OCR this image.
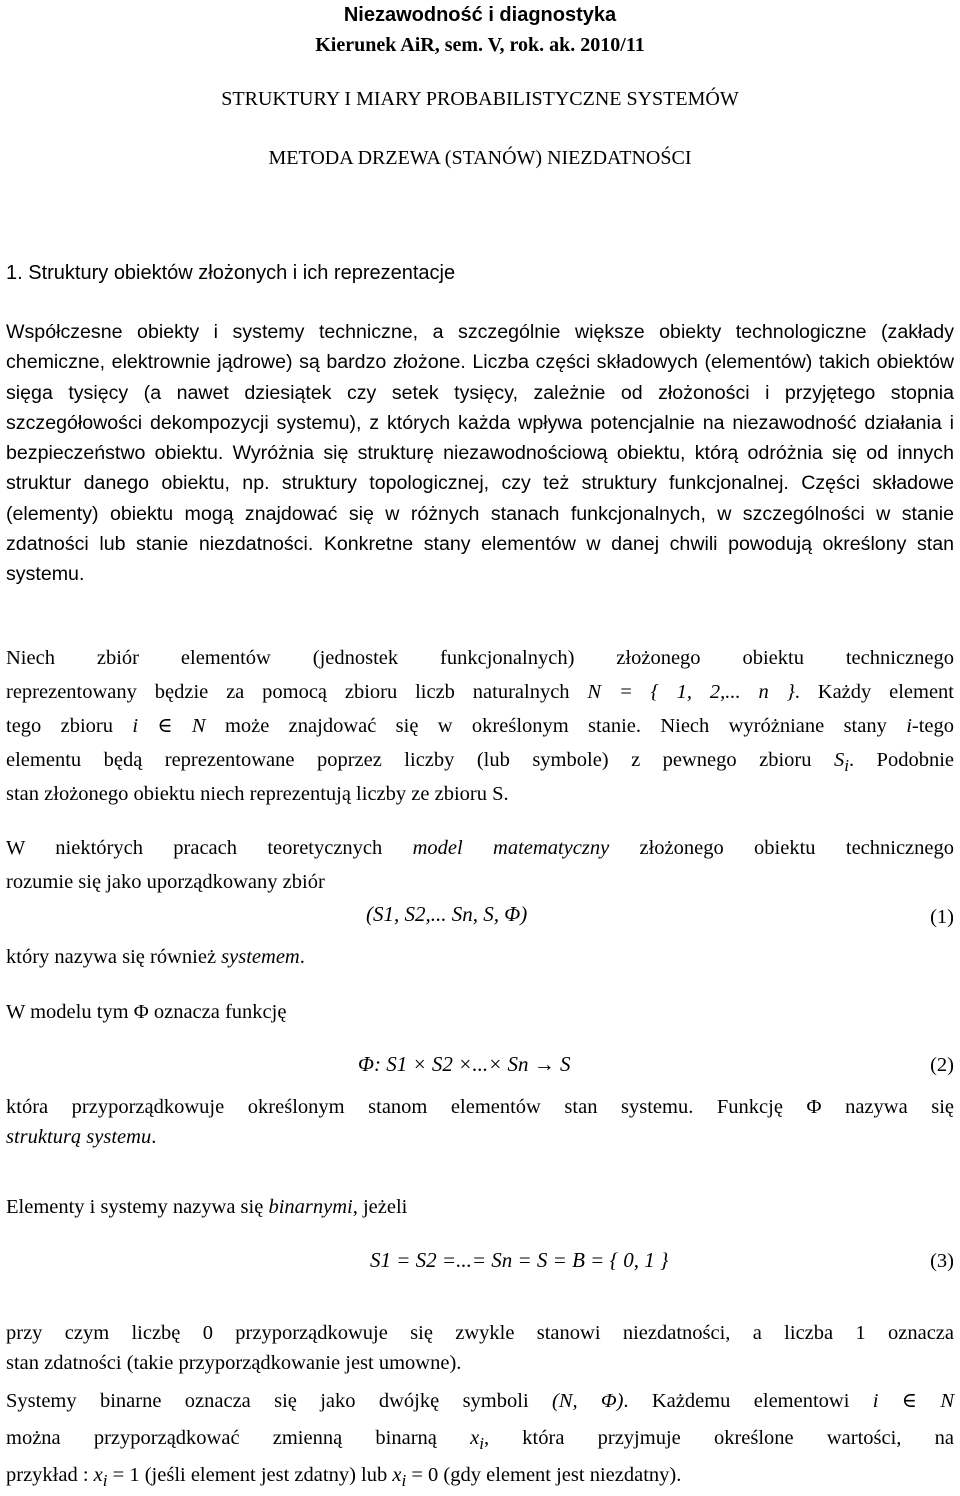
Niezawodność i diagnostyka
Kierunek AiR, sem. V, rok. ak. 2010/11
STRUKTURY I MIARY PROBABILISTYCZNE SYSTEMÓW
METODA DRZEWA (STANÓW) NIEZDATNOŚCI
1. Struktury obiektów złożonych i ich reprezentacje

Współczesne obiekty i systemy techniczne, a szczególnie większe obiekty technologiczne (zakłady chemiczne, elektrownie jądrowe) są bardzo złożone. Liczba części składowych (elementów) takich obiektów sięga tysięcy (a nawet dziesiątek czy setek tysięcy, zależnie od złożoności i przyjętego stopnia szczegółowości dekompozycji systemu), z których każda wpływa potencjalnie na niezawodność działania i bezpieczeństwo obiektu. Wyróżnia się strukturę niezawodnościową obiektu, którą odróżnia się od innych struktur danego obiektu, np. struktury topologicznej, czy też struktury funkcjonalnej. Części składowe (elementy) obiektu mogą znajdować się w różnych stanach funkcjonalnych, w szczególności w stanie zdatności lub stanie niezdatności. Konkretne stany elementów w danej chwili powodują określony stan systemu.

Niech zbiór elementów (jednostek funkcjonalnych) złożonego obiektu technicznego
reprezentowany będzie za pomocą zbioru liczb naturalnych N = { 1, 2,... n }. Każdy element
tego zbioru i ∈ N może znajdować się w określonym stanie. Niech wyróżniane stany i-tego
elementu będą reprezentowane poprzez liczby (lub symbole) z pewnego zbioru $S_i$. Podobnie
stan złożonego obiektu niech reprezentują liczby ze zbioru S.
W niektórych pracach teoretycznych model matematyczny złożonego obiektu technicznego
rozumie się jako uporządkowany zbiór
(S1, S2,... Sn, S, Φ)	(1)
który nazywa się również systemem.
W modelu tym Φ oznacza funkcję
Φ: S1 × S2 ×...× Sn → S	(2)
która przyporządkowuje określonym stanom elementów stan systemu. Funkcję Φ nazywa się
strukturą systemu.
Elementy i systemy nazywa się binarnymi, jeżeli
S1 = S2 =...= Sn = S = B = { 0, 1 }	(3)
przy czym liczbę 0 przyporządkowuje się zwykle stanowi niezdatności, a liczba 1 oznacza
stan zdatności (takie przyporządkowanie jest umowne).
Systemy binarne oznacza się jako dwójkę symboli (N, Φ). Każdemu elementowi i ∈ N
można przyporządkować zmienną binarną $x_i$, która przyjmuje określone wartości, na
przykład : $x_i = 1$ (jeśli element jest zdatny) lub $x_i = 0$ (gdy element jest niezdatny).
